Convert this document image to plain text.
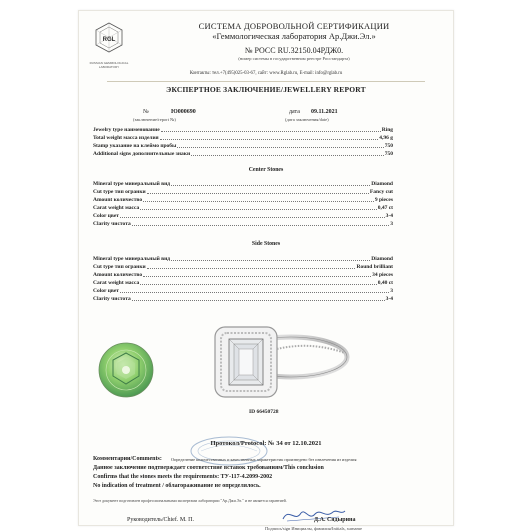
RGL
RUSSIAN GEMMOLOGICAL LABORATORY
СИСТЕМА ДОБРОВОЛЬНОЙ СЕРТИФИКАЦИИ
«Геммологическая лаборатория Ар.Джи.Эл.»
№ РОСС RU.32150.04РДЖ0.
(номер системы в государственном реестре Росстандарта)
Контакты: тел.+7(495)025-03-67, сайт: www.Rglab.ru, E-mail: info@rglab.ru
ЭКСПЕРТНОЕ ЗАКЛЮЧЕНИЕ/JEWELLERY REPORT
№	Ю000690
(заключение/report №)
дата 09.11.2021
(дата заключения/date)
Jewelry type наименование	Ring
Total weight масса изделия	4,96 g
Stamp указание на клеймо пробы	750
Additional signs дополнительные знаки	750
Center Stones
Mineral type минеральный вид	Diamond
Cut type тип огранки	Fancy cut
Amount количество	9 pieces
Carat weight масса	0,47 ct
Color цвет	3-4
Clarity чистота	3
Side Stones
Mineral type минеральный вид	Diamond
Cut type тип огранки	Round brilliant
Amount количество	34 pieces
Carat weight масса	0,40 ct
Color цвет	3
Clarity чистота	3-4
ID 66450728
Протокол/Protocol: № 34 от 12.10.2021
Комментарии/Comments: Определение количественных и качественных характеристик произведено без извлечения из изделия
Данное заключение подтверждает соответствие вставок требованиям/This conclusion
Confirms that the stones meets the requirements: ТУ-117-4.2099-2002
No indication of treatment / облагораживание не определялось.
Этот документ подготовлен профессиональными экспертами лаборатории "Ар.Джи.Эл." и не является гарантией.
Руководитель/Chief. М. П.	Д.А. Сядырина
Подпись/sign Инициалы, фамилия/Initials, surname
